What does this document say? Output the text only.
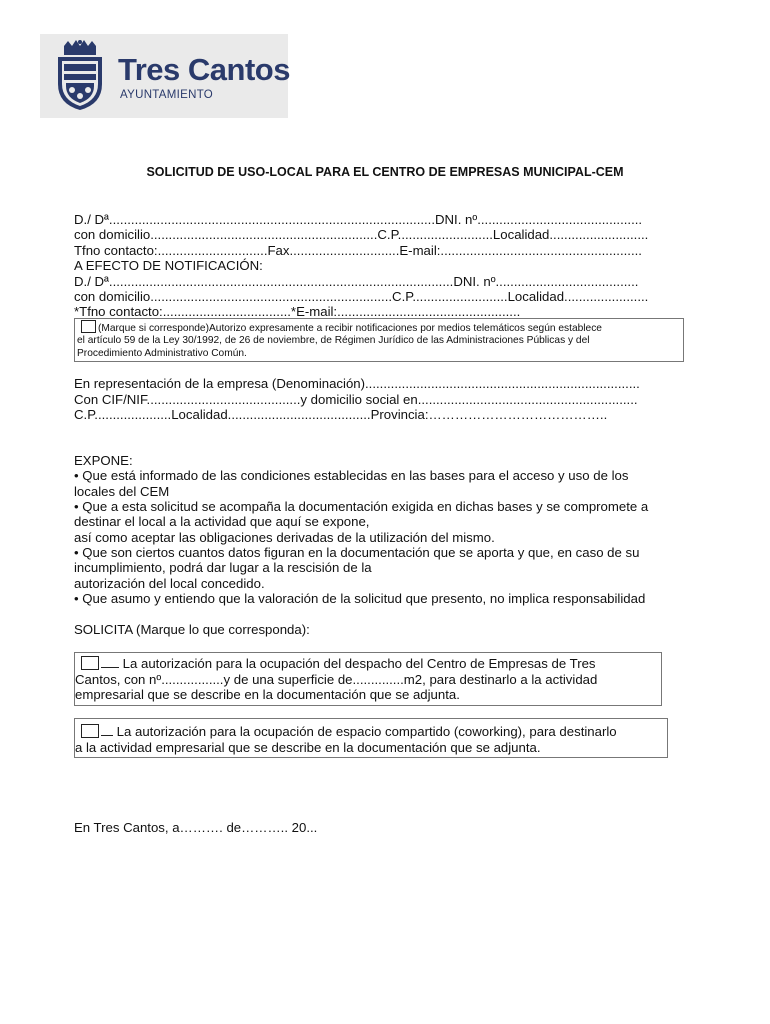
Tres Cantos
AYUNTAMIENTO
SOLICITUD DE USO-LOCAL PARA EL CENTRO DE EMPRESAS MUNICIPAL-CEM
D./ Dª.........................................................................................DNI. nº.............................................
con domicilio..............................................................C.P..........................Localidad...........................
Tfno contacto:..............................Fax..............................E-mail:.......................................................
A EFECTO DE NOTIFICACIÓN:
D./ Dª..............................................................................................DNI. nº.......................................
con domicilio..................................................................C.P..........................Localidad.......................
*Tfno contacto:...................................*E-mail:..................................................
(Marque si corresponde)Autorizo expresamente a recibir notificaciones por medios telemáticos según establece
el artículo 59 de la Ley 30/1992, de 26 de noviembre, de Régimen Jurídico de las Administraciones Públicas y del
Procedimiento Administrativo Común.
En representación de la empresa (Denominación)...........................................................................
Con CIF/NIF..........................................y domicilio social en............................................................
C.P.....................Localidad.......................................Provincia:…………………………………..
EXPONE:
• Que está informado de las condiciones establecidas en las bases para el acceso y uso de los
locales del CEM
• Que a esta solicitud se acompaña la documentación exigida en dichas bases y se compromete a
destinar el local a la actividad que aquí se expone,
así como aceptar las obligaciones derivadas de la utilización del mismo.
• Que son ciertos cuantos datos figuran en la documentación que se aporta y que, en caso de su
incumplimiento, podrá dar lugar a la rescisión de la
autorización del local concedido.
• Que asumo y entiendo que la valoración de la solicitud que presento, no implica responsabilidad
SOLICITA (Marque lo que corresponda):
La autorización para la ocupación del despacho del Centro de Empresas de Tres
Cantos, con nº.................y de una superficie de..............m2, para destinarlo a la actividad
empresarial que se describe en la documentación que se adjunta.
La autorización para la ocupación de espacio compartido (coworking), para destinarlo
a la actividad empresarial que se describe en la documentación que se adjunta.
En Tres Cantos, a………. de……….. 20...
